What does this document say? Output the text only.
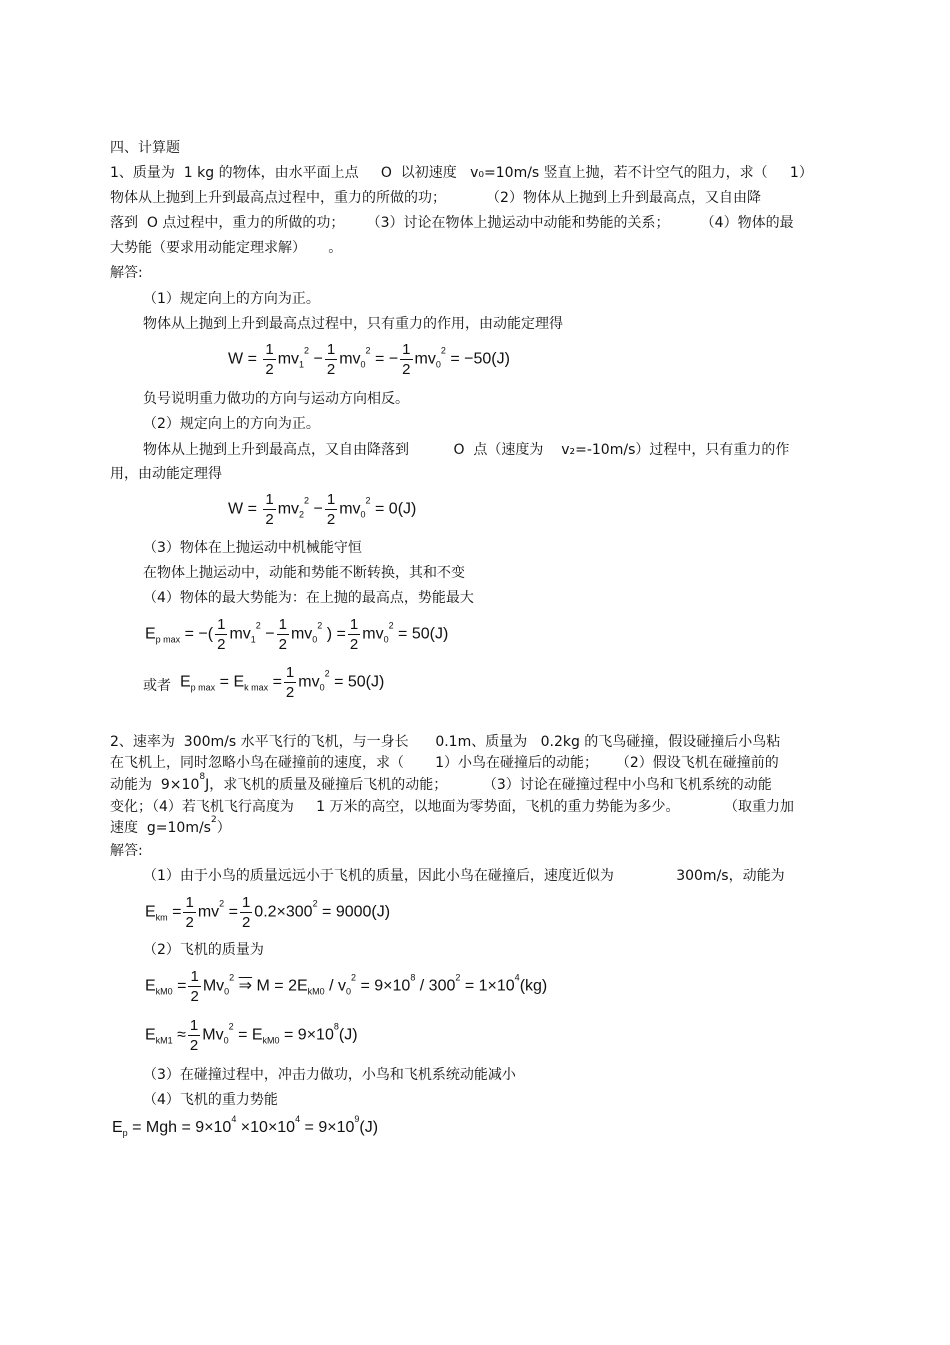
四、计算题
1、质量为  1 kg 的物体，由水平面上点     O  以初速度   v₀=10m/s 竖直上抛，若不计空气的阻力，求（     1）
物体从上抛到上升到最高点过程中，重力的所做的功；         （2）物体从上抛到上升到最高点，又自由降
落到  O 点过程中，重力的所做的功；     （3）讨论在物体上抛运动中动能和势能的关系；       （4）物体的最
大势能（要求用动能定理求解）     。
解答:
（1）规定向上的方向为正。
物体从上抛到上升到最高点过程中，只有重力的作用，由动能定理得
$W = \frac{1}{2} mv_1^2 - \frac{1}{2} mv_0^2$ = − $\frac{1}{2} mv_0^2 = -50(J)$
负号说明重力做功的方向与运动方向相反。
（2）规定向上的方向为正。
物体从上抛到上升到最高点，又自由降落到          O  点（速度为    v₂=-10m/s）过程中，只有重力的作
用，由动能定理得
$W = \frac{1}{2} mv_2^2 - \frac{1}{2} mv_0^2 = 0(J)$
（3）物体在上抛运动中机械能守恒
在物体上抛运动中，动能和势能不断转换，其和不变
（4）物体的最大势能为：在上抛的最高点，势能最大
$E_{p max}$ = −( $\frac{1}{2} mv_1^2 - \frac{1}{2} mv_0^2$ ) = $\frac{1}{2} mv_0^2 = 50(J)$
或者 $E_{p max} = E_{k max} = \frac{1}{2} mv_0^2 = 50(J)$
2、速率为  300m/s 水平飞行的飞机，与一身长      0.1m、质量为   0.2kg 的飞鸟碰撞，假设碰撞后小鸟粘
在飞机上，同时忽略小鸟在碰撞前的速度，求（       1）小鸟在碰撞后的动能；    （2）假设飞机在碰撞前的
动能为  $9\times 10^8J$，求飞机的质量及碰撞后飞机的动能；        （3）讨论在碰撞过程中小鸟和飞机系统的动能
变化；（4）若飞机飞行高度为     1 万米的高空，以地面为零势面，飞机的重力势能为多少。          （取重力加
速度  $g=10m/s^2$）
解答:
（1）由于小鸟的质量远远小于飞机的质量，因此小鸟在碰撞后，速度近似为              300m/s，动能为
$E_{km} = \frac{1}{2} mv^2 = \frac{1}{2} 0.2\times 300^2 = 9000(J)$
（2）飞机的质量为
$E_{kM0} = \frac{1}{2} Mv_0^2$ ⇒ $M = 2E_{kM0} / v_0^2 = 9\times 10^8 / 300^2 = 1\times 10^4(kg)$
$E_{kM1} \approx \frac{1}{2} Mv_0^2 = E_{kM0} = 9\times 10^8(J)$
（3）在碰撞过程中，冲击力做功，小鸟和飞机系统动能减小
（4）飞机的重力势能
$E_p$ = Mgh = $9\times 10^4 \times 10\times 10^4 = 9\times 10^9(J)$
